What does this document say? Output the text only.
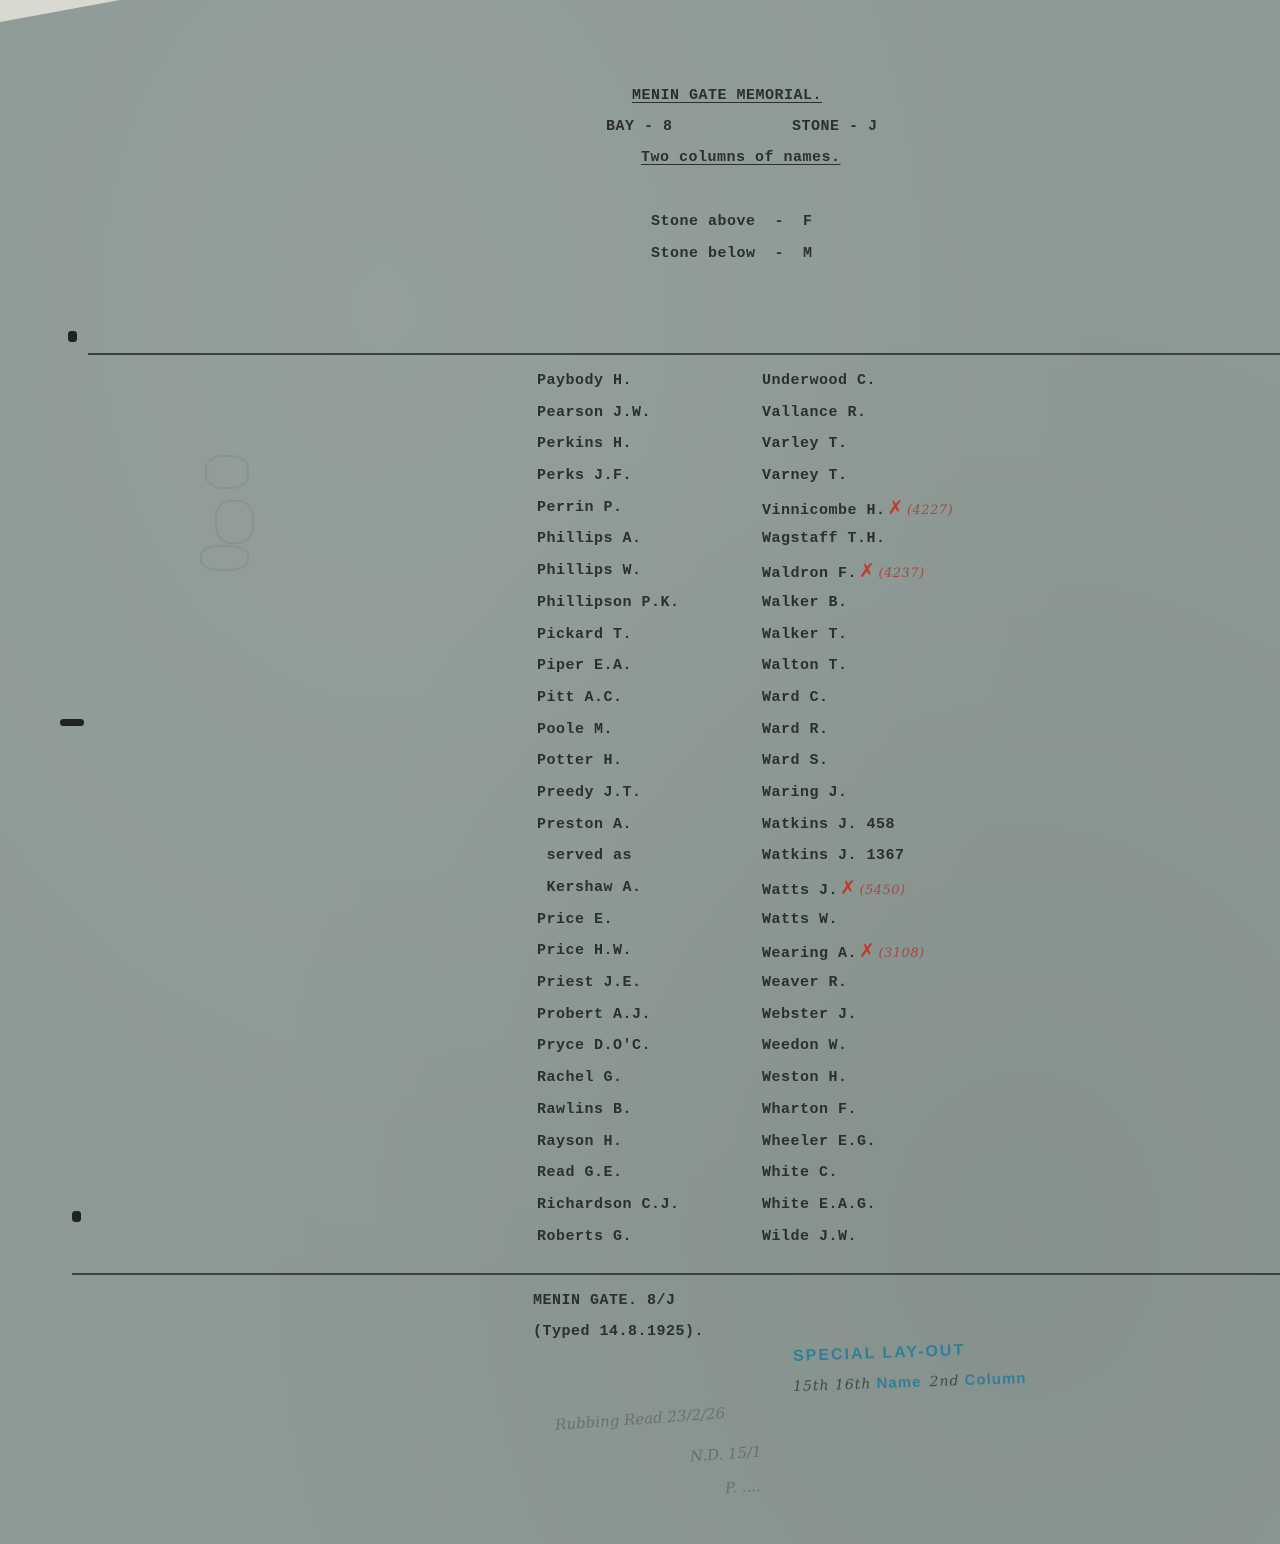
MENIN GATE MEMORIAL.
BAY - 8	STONE - J
Two columns of names.
Stone above  -  F
Stone below  -  M
Paybody H.
Pearson J.W.
Perkins H.
Perks J.F.
Perrin P.
Phillips A.
Phillips W.
Phillipson P.K.
Pickard T.
Piper E.A.
Pitt A.C.
Poole M.
Potter H.
Preedy J.T.
Preston A.
served as
Kershaw A.
Price E.
Price H.W.
Priest J.E.
Probert A.J.
Pryce D.O'C.
Rachel G.
Rawlins B.
Rayson H.
Read G.E.
Richardson C.J.
Roberts G.
Underwood C.
Vallance R.
Varley T.
Varney T.
Vinnicombe H. ✗ (4227)
Wagstaff T.H.
Waldron F. ✗ (4237)
Walker B.
Walker T.
Walton T.
Ward C.
Ward R.
Ward S.
Waring J.
Watkins J. 458
Watkins J. 1367
Watts J. ✗ (5450)
Watts W.
Wearing A. ✗ (3108)
Weaver R.
Webster J.
Weedon W.
Weston H.
Wharton F.
Wheeler E.G.
White C.
White E.A.G.
Wilde J.W.
MENIN GATE. 8/J
(Typed 14.8.1925).
SPECIAL LAY-OUT
15th 16th Name 2nd Column
Rubbing Read 23/2/26
N.D. 15/1
P. ....
